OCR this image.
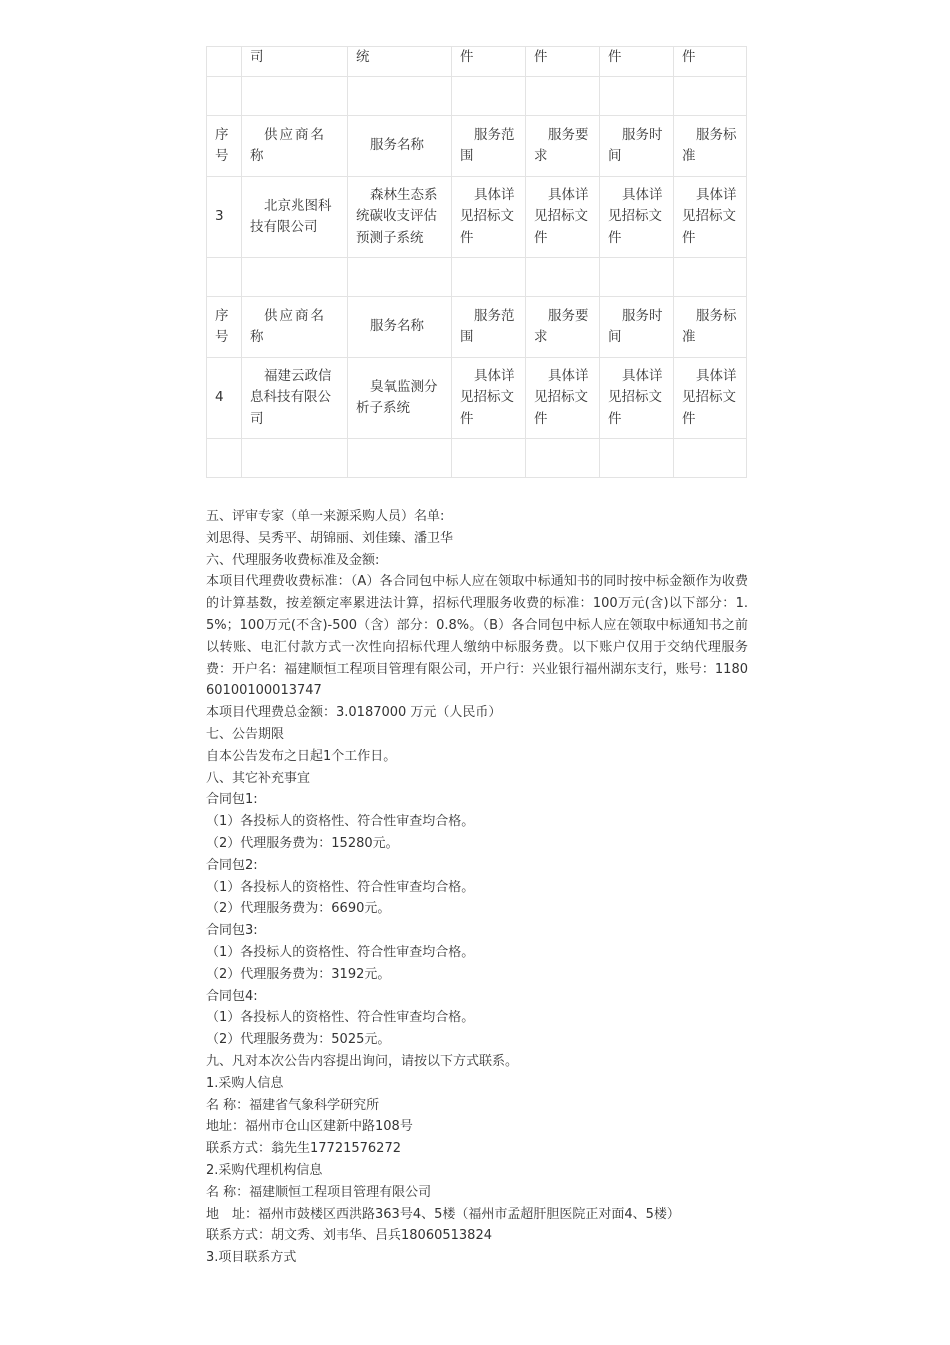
	司	统	件	件	件	件

序号	供应商名称	服务名称	服务范围	服务要求	服务时间	服务标准
3	北京兆图科技有限公司	森林生态系统碳收支评估预测子系统	具体详见招标文件	具体详见招标文件	具体详见招标文件	具体详见招标文件

序号	供应商名称	服务名称	服务范围	服务要求	服务时间	服务标准
4	福建云政信息科技有限公司	臭氧监测分析子系统	具体详见招标文件	具体详见招标文件	具体详见招标文件	具体详见招标文件

五、评审专家（单一来源采购人员）名单:

刘思得、吴秀平、胡锦丽、刘佳臻、潘卫华

六、代理服务收费标准及金额:

本项目代理费收费标准：（A）各合同包中标人应在领取中标通知书的同时按中标金额作为收费的计算基数，按差额定率累进法计算，招标代理服务收费的标准：100万元(含)以下部分：1.5%；100万元(不含)-500（含）部分：0.8%。（B）各合同包中标人应在领取中标通知书之前以转账、电汇付款方式一次性向招标代理人缴纳中标服务费。以下账户仅用于交纳代理服务费：开户名：福建顺恒工程项目管理有限公司，开户行：兴业银行福州湖东支行，账号：118060100100013747

本项目代理费总金额：3.0187000 万元（人民币）

七、公告期限

自本公告发布之日起1个工作日。

八、其它补充事宜

合同包1:

（1）各投标人的资格性、符合性审查均合格。

（2）代理服务费为：15280元。

合同包2:

（1）各投标人的资格性、符合性审查均合格。

（2）代理服务费为：6690元。

合同包3:

（1）各投标人的资格性、符合性审查均合格。

（2）代理服务费为：3192元。

合同包4:

（1）各投标人的资格性、符合性审查均合格。

（2）代理服务费为：5025元。

九、凡对本次公告内容提出询问，请按以下方式联系。

1.采购人信息

名 称：福建省气象科学研究所

地址：福州市仓山区建新中路108号

联系方式：翁先生17721576272

2.采购代理机构信息

名 称：福建顺恒工程项目管理有限公司

地　址：福州市鼓楼区西洪路363号4、5楼（福州市孟超肝胆医院正对面4、5楼）

联系方式：胡文秀、刘韦华、吕兵18060513824

3.项目联系方式
